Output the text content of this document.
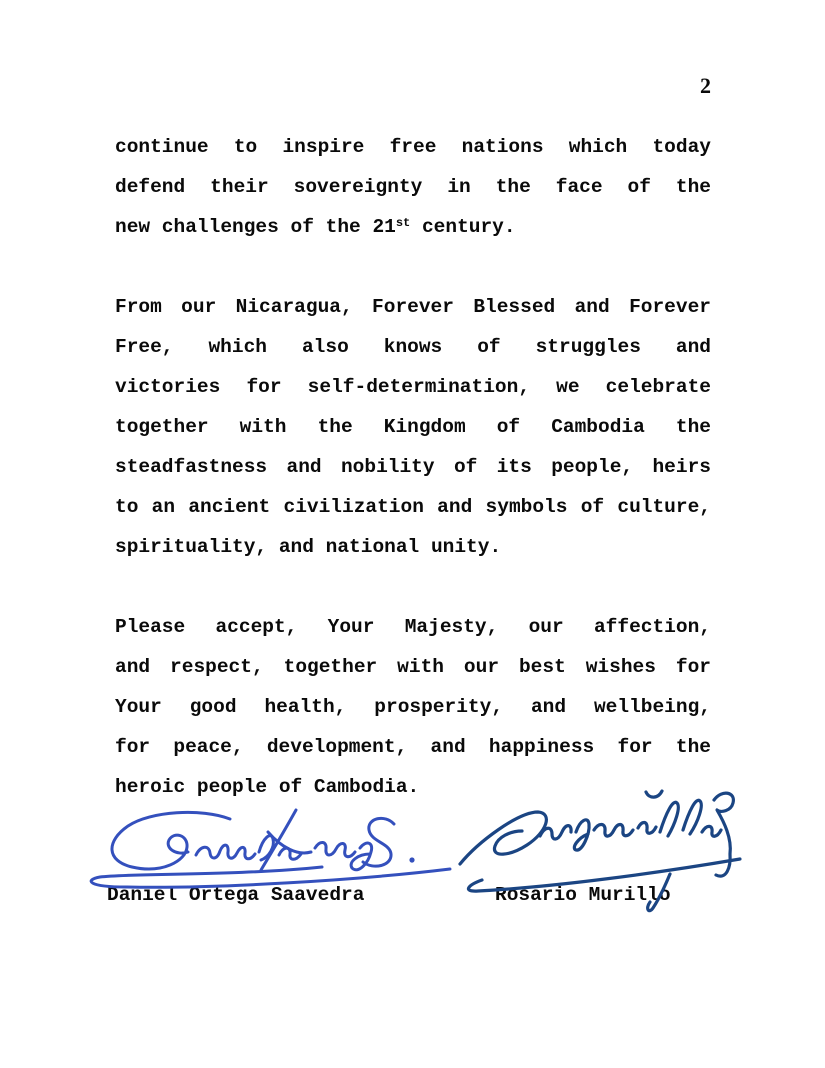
2
continue to inspire free nations which today
defend their sovereignty in the face of the
new challenges of the 21st century.
From our Nicaragua, Forever Blessed and Forever
Free, which also knows of struggles and
victories for self-determination, we celebrate
together with the Kingdom of Cambodia the
steadfastness and nobility of its people, heirs
to an ancient civilization and symbols of culture,
spirituality, and national unity.
Please accept, Your Majesty, our affection,
and respect, together with our best wishes for
Your good health, prosperity, and wellbeing,
for peace, development, and happiness for the
heroic people of Cambodia.
Daniel Ortega Saavedra	Rosario Murillo
